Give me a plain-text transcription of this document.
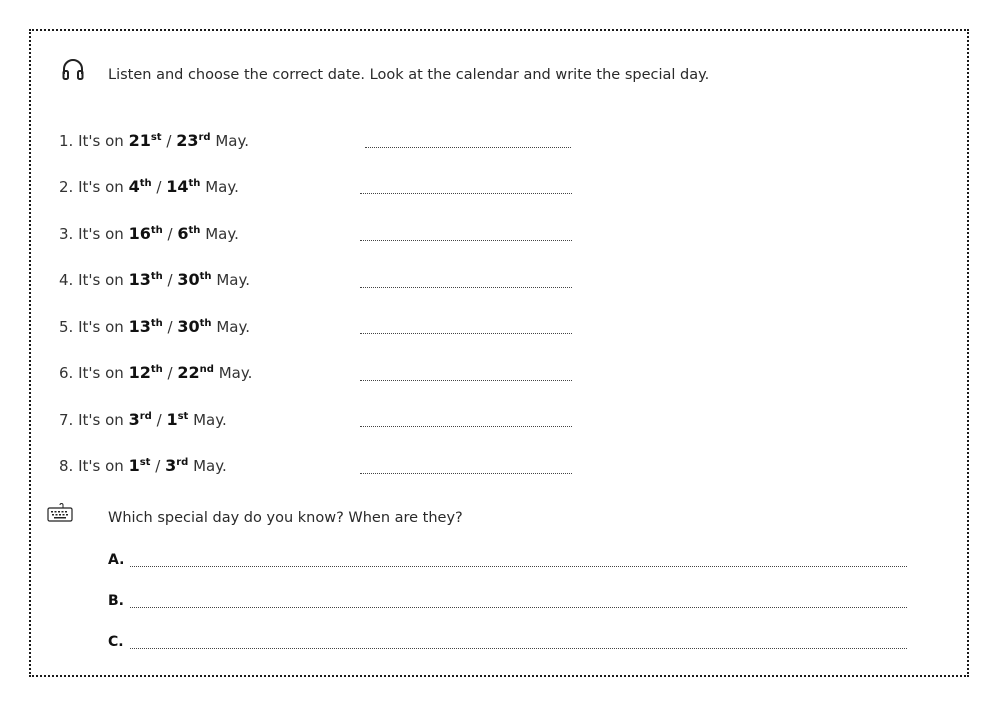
Listen and choose the correct date. Look at the calendar and write the special day.
1. It's on 21st / 23rd May.
2. It's on 4th / 14th May.
3. It's on 16th / 6th May.
4. It's on 13th / 30th May.
5. It's on 13th / 30th May.
6. It's on 12th / 22nd May.
7. It's on 3rd / 1st May.
8. It's on 1st / 3rd May.
Which special day do you know? When are they?
A.
B.
C.
